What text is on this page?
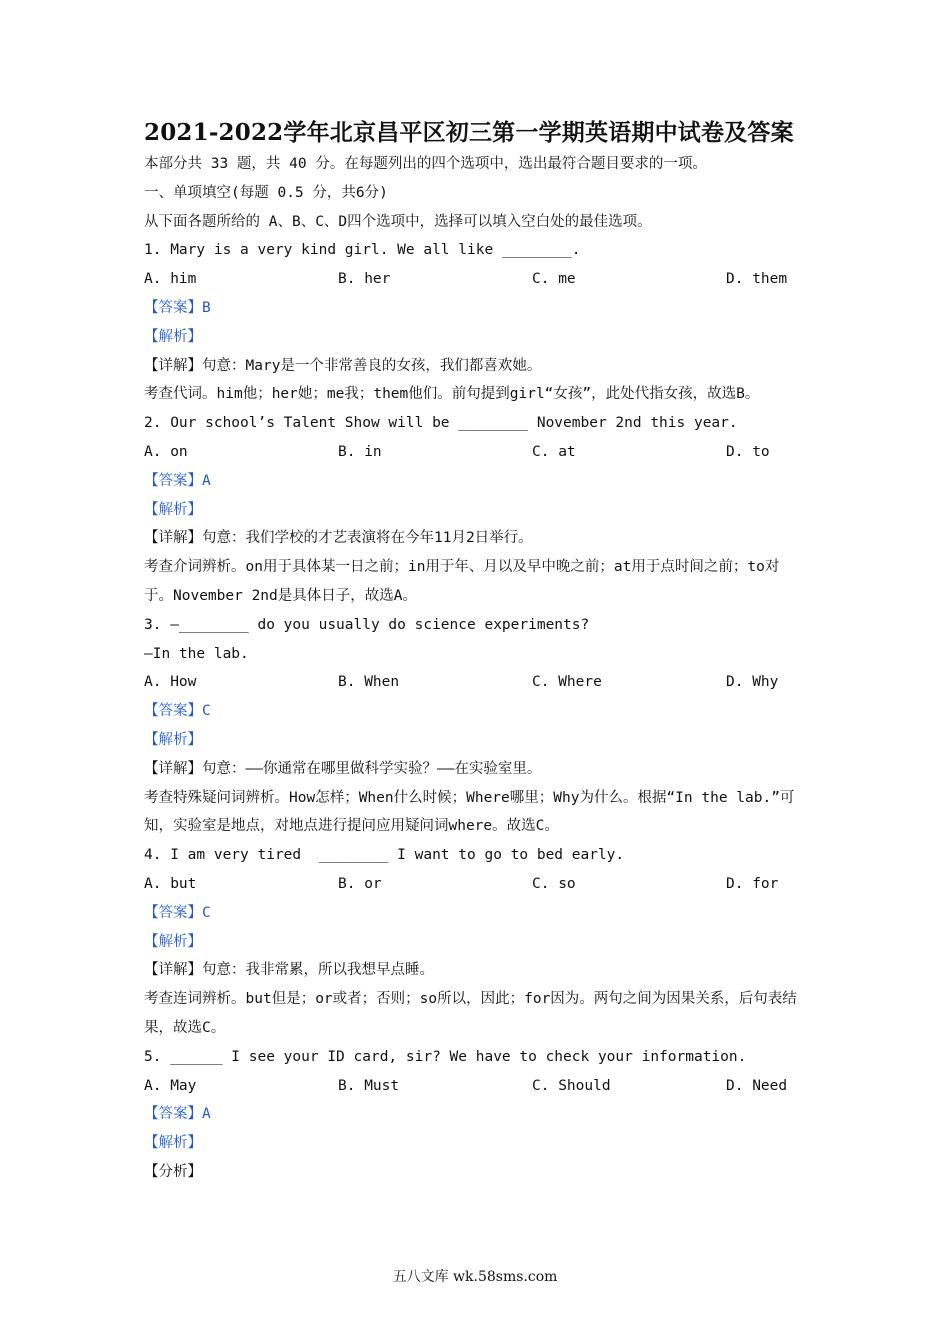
2021-2022学年北京昌平区初三第一学期英语期中试卷及答案
本部分共 33 题，共 40 分。在每题列出的四个选项中，选出最符合题目要求的一项。
一、单项填空(每题 0.5 分，共6分)
从下面各题所给的 A、B、C、D四个选项中，选择可以填入空白处的最佳选项。
1. Mary is a very kind girl. We all like ________.
A. him	B. her	C. me	D. them
【答案】B
【解析】
【详解】句意：Mary是一个非常善良的女孩，我们都喜欢她。
考查代词。him他；her她；me我；them他们。前句提到girl“女孩”，此处代指女孩，故选B。
2. Our school’s Talent Show will be ________ November 2nd this year.
A. on	B. in	C. at	D. to
【答案】A
【解析】
【详解】句意：我们学校的才艺表演将在今年11月2日举行。
考查介词辨析。on用于具体某一日之前；in用于年、月以及早中晚之前；at用于点时间之前；to对于。November 2nd是具体日子，故选A。
3. —________ do you usually do science experiments?
—In the lab.
A. How	B. When	C. Where	D. Why
【答案】C
【解析】
【详解】句意：——你通常在哪里做科学实验？——在实验室里。
考查特殊疑问词辨析。How怎样；When什么时候；Where哪里；Why为什么。根据“In the lab.”可知，实验室是地点，对地点进行提问应用疑问词where。故选C。
4. I am very tired  ________ I want to go to bed early.
A. but	B. or	C. so	D. for
【答案】C
【解析】
【详解】句意：我非常累，所以我想早点睡。
考查连词辨析。but但是；or或者；否则；so所以，因此；for因为。两句之间为因果关系，后句表结果，故选C。
5. ______ I see your ID card, sir? We have to check your information.
A. May	B. Must	C. Should	D. Need
【答案】A
【解析】
【分析】
五八文库 wk.58sms.com
